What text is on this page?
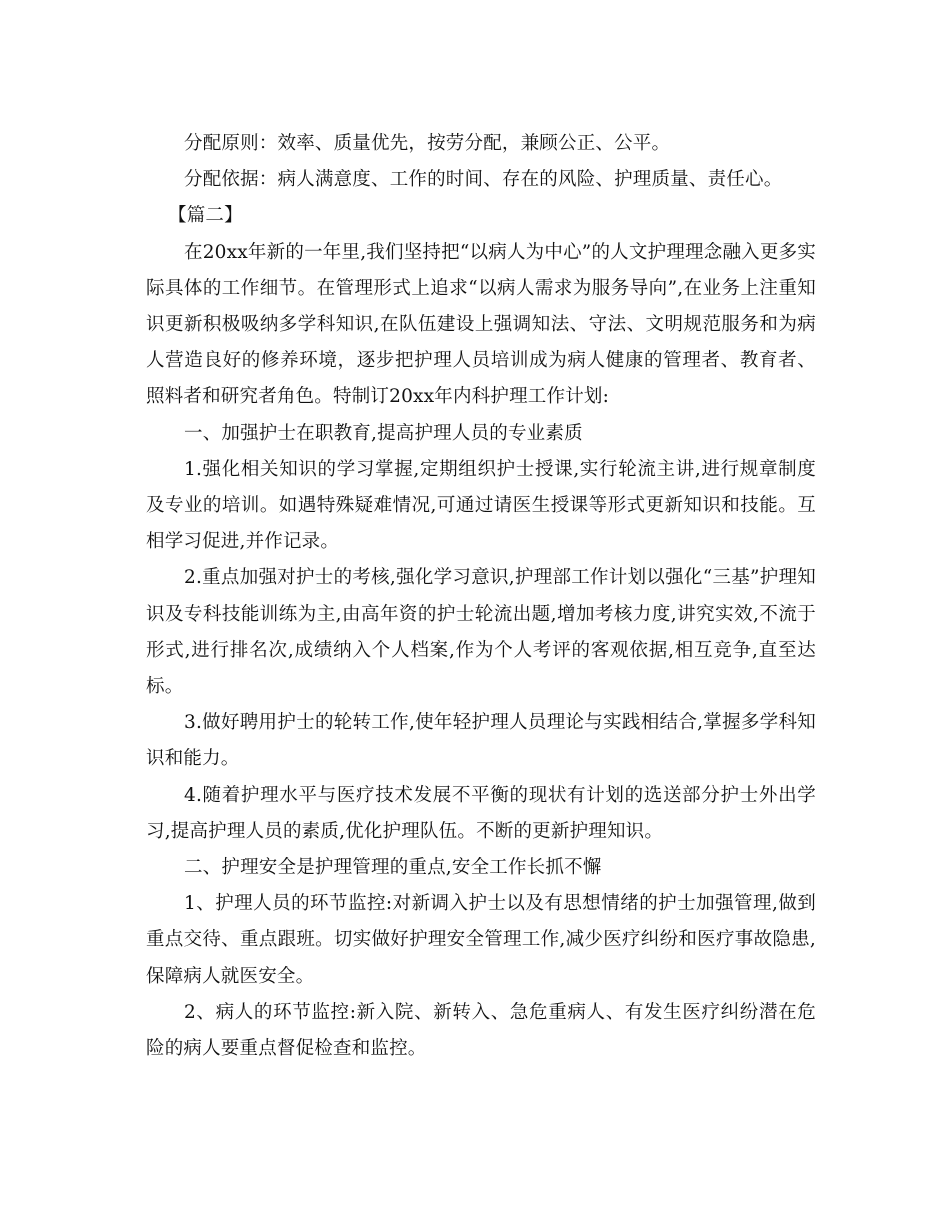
分配原则：效率、质量优先，按劳分配，兼顾公正、公平。

分配依据：病人满意度、工作的时间、存在的风险、护理质量、责任心。

【篇二】

在20xx年新的一年里,我们坚持把“以病人为中心”的人文护理理念融入更多实际具体的工作细节。在管理形式上追求“以病人需求为服务导向”,在业务上注重知识更新积极吸纳多学科知识,在队伍建设上强调知法、守法、文明规范服务和为病人营造良好的修养环境，逐步把护理人员培训成为病人健康的管理者、教育者、照料者和研究者角色。特制订20xx年内科护理工作计划:

一、加强护士在职教育,提高护理人员的专业素质

1.强化相关知识的学习掌握,定期组织护士授课,实行轮流主讲,进行规章制度及专业的培训。如遇特殊疑难情况,可通过请医生授课等形式更新知识和技能。互相学习促进,并作记录。

2.重点加强对护士的考核,强化学习意识,护理部工作计划以强化“三基”护理知识及专科技能训练为主,由高年资的护士轮流出题,增加考核力度,讲究实效,不流于形式,进行排名次,成绩纳入个人档案,作为个人考评的客观依据,相互竞争,直至达标。

3.做好聘用护士的轮转工作,使年轻护理人员理论与实践相结合,掌握多学科知识和能力。

4.随着护理水平与医疗技术发展不平衡的现状有计划的选送部分护士外出学习,提高护理人员的素质,优化护理队伍。不断的更新护理知识。

二、护理安全是护理管理的重点,安全工作长抓不懈

1、护理人员的环节监控:对新调入护士以及有思想情绪的护士加强管理,做到重点交待、重点跟班。切实做好护理安全管理工作,减少医疗纠纷和医疗事故隐患,保障病人就医安全。

2、病人的环节监控:新入院、新转入、急危重病人、有发生医疗纠纷潜在危险的病人要重点督促检查和监控。
